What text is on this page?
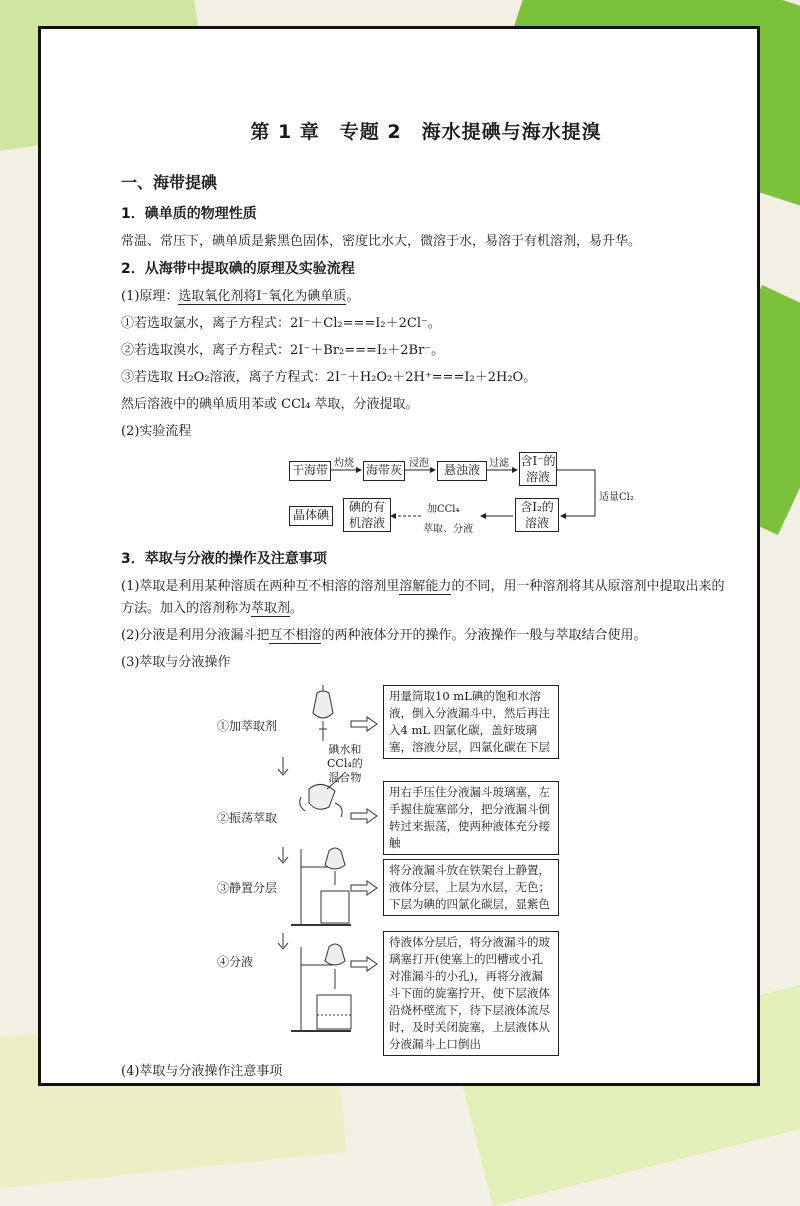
第 1 章　专题 2　海水提碘与海水提溴
一、海带提碘
1．碘单质的物理性质

常温、常压下，碘单质是紫黑色固体，密度比水大，微溶于水，易溶于有机溶剂，易升华。

2．从海带中提取碘的原理及实验流程

(1)原理：选取氧化剂将I⁻氧化为碘单质。

①若选取氯水，离子方程式：2I⁻＋Cl₂===I₂＋2Cl⁻。

②若选取溴水，离子方程式：2I⁻＋Br₂===I₂＋2Br⁻。

③若选取 H₂O₂溶液，离子方程式：2I⁻＋H₂O₂＋2H⁺===I₂＋2H₂O。

然后溶液中的碘单质用苯或 CCl₄ 萃取，分液提取。

(2)实验流程

干海带 灼烧 海带灰 浸泡	悬浊液 过滤 含I⁻的
溶液
适量Cl₂
含I₂的
溶液
加CCl₄
萃取、分液
碘的有
机溶液
晶体碘
3．萃取与分液的操作及注意事项

(1)萃取是利用某种溶质在两种互不相溶的溶剂里溶解能力的不同，用一种溶剂将其从原溶剂中提取出来的方法。加入的溶剂称为萃取剂。

(2)分液是利用分液漏斗把互不相溶的两种液体分开的操作。分液操作一般与萃取结合使用。

(3)萃取与分液操作

①加萃取剂
②振荡萃取
③静置分层
④分液
碘水和
CCl₄的
混合物
用量筒取10 mL碘的饱和水溶液，倒入分液漏斗中，然后再注入4 mL 四氯化碳，盖好玻璃塞，溶液分层，四氯化碳在下层
用右手压住分液漏斗玻璃塞，左手握住旋塞部分，把分液漏斗倒转过来振荡，使两种液体充分接触
将分液漏斗放在铁架台上静置，液体分层，上层为水层，无色；下层为碘的四氯化碳层，显紫色
待液体分层后，将分液漏斗的玻璃塞打开(使塞上的凹槽或小孔对准漏斗的小孔)，再将分液漏斗下面的旋塞拧开，使下层液体沿烧杯壁流下，待下层液体流尽时，及时关闭旋塞，上层液体从分液漏斗上口倒出

(4)萃取与分液操作注意事项
